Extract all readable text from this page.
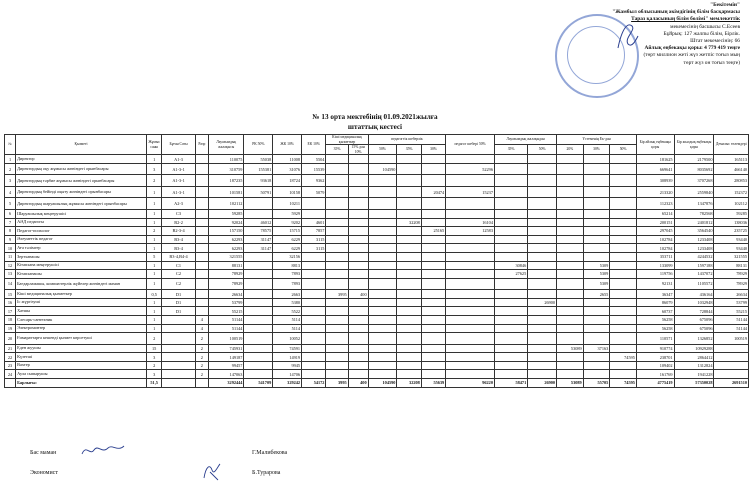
"Бекітемін"
"Жамбыл облысының әкімдігінің білім басқармасы
Тараз қаласының білім бөлімі" мемлекеттік
мекемесінің басшысы С.Есеев
Бұйрық: 127 жалпы білім, Бірлік.
Штат мекемесінің: 66
Айлық еңбекақы қоры: 4 779 419 теңге
(төрт миллион жеті жүз жетпіс тоғыз мың
төрт жүз он тоғыз теңге)
№ 13 орта мектебінің 01.09.2021жылға
штаттық кестесі
№	Қызметі	Жұмыс саны	Бұған Саты	Разр	Лауазымдық жалақысы	РК 50%	ЖК 10%	ЕК 10%	Кіші медициналық қызметкер		педагогтік шеберлік			педагог шебері 50%	Лауазымдық жалақыдан		Үстеменің Ек-дан			Бір айлық еңбекақы қоры	Бір жылдық еңбекақы қоры	Демалыс төлемдері
									35%	15% дан 10%	50%	35%	30%		35%	50%	20%	30%	50%			
1	Директор	1	А1-3		110075	55038	11008	5504												181625	2179500	165113
2	Директордың оқу жұмысы жөніндегі орынбасары	3	А1-3-1		310759	155381	31076	15539			104590			52296						669641	8035692	466140
3	Директордың тәрбие жұмысы жөніндегі орынбасары	2	А1-3-1		187235	93618	18724	9362												308939	3707268	280853
4	Директордың бейінді оқыту жөніндегі орынбасары	1	А1-3-1		101581	50791	10158	5079					20474	15237						213320	2559840	152372
5	Директордың шаруашылық жұмысы жөніндегі орынбасары	1	А2-3		102112		10211													112323	1347876	102112
6	Шаруашылық меңгерушісі	1	С3		59285		5929													65214	782568	59285
7	АӘД педагогы	1	В2-2		92024	46012	9202	4601				32208		16104						200151	2401812	138036
8	Педагог-психолог	2	В2-3-4		157150	78575	15715	7857					25165	12583						297045	3564540	235725
9	Әлеуметтік педагог	1	В3-4		62293	31147	6229	3115												102784	1233408	93440
10	Аға тәлімгер	1	В3-4		62293	31147	6229	3115												102784	1233408	93440
11	Зертханашы	5	В3-4,В4-4		321555		32156													353711	4244532	321555
12	Кітапхана меңгерушісі	1	С1		88131		8813								30846			5309		133099	1597188	88131
13	Кітапханашы	1	С2		78929		7893								27625			5309		119756	1437072	78929
14	Бағдарламашы, компьютерлік жүйелер жөніндегі маман	1	С2		78929		7893											5309		92131	1105572	78929
15	Кіші медициналық қызметкер	0,5	D1		26634		2663		3995	400								2655		36347	436164	26634
16	Іс жүргізуші	1	D1		53799		5380									26900				86079	1032948	53799
17	Хатшы	1	D1		55215		5522													60737	728844	55215
18	Слесарь-сантехник	1		4	51144		5114													56258	675096	51144
19	Электромонтер	1		4	51144		5114													56258	675096	51144
20	Ғимараттарға кешенді қызмет көрсетуші	2		2	100519		10052													110571	1326852	100519
21	Еден жуушы	15		2	745931		74591										53089	37163		910774	10929288	
22	Күзетші	3		2	149187		14919												74595	238701	2864412	
23	Вахтер	2		2	99457		9945													109402	1312824	
24	Аула сыпырушы	3		2	147063		14706													161769	1941228	
	Барлығы:	51,5			3292444	541709	329242	54172	3995	400	104590	32208	55639	96220	58471	26900	53089	55705	74595	4775419	57350028	2691510
Бас маман	Г.Малибекова
Экономист	Б.Турарова
